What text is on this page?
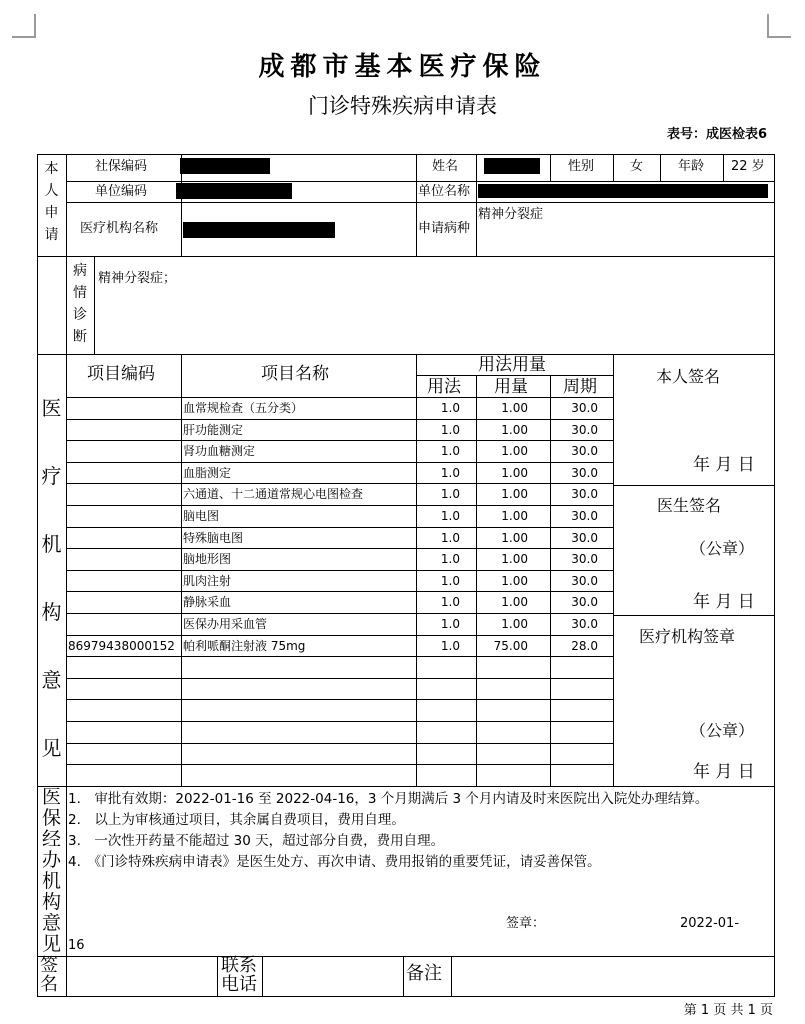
成都市基本医疗保险
门诊特殊疾病申请表
表号：成医检表6
本人申请
社保编码	姓名	性别	女	年龄 22 岁
单位编码	单位名称
医疗机构名称	申请病种
精神分裂症
病情诊断
精神分裂症；
医疗机构意见
项目编码	项目名称	用法用量
用法 用量 周期
血常规检查（五分类）	1.0	1.00	30.0
肝功能测定	1.0	1.00	30.0
肾功血糖测定	1.0	1.00	30.0
血脂测定	1.0	1.00	30.0
六通道、十二通道常规心电图检查	1.0	1.00	30.0
脑电图	1.0	1.00	30.0
特殊脑电图	1.0	1.00	30.0
脑地形图	1.0	1.00	30.0
肌肉注射	1.0	1.00	30.0
静脉采血	1.0	1.00	30.0
医保办用采血管	1.0	1.00	30.0
86979438000152 帕利哌酮注射液 75mg	1.0	75.00	28.0
本人签名
年 月 日
医生签名
（公章）
年 月 日
医疗机构签章
（公章）
年 月 日
医保经办机构意见
1.　审批有效期：2022-01-16 至 2022-04-16，3 个月期满后 3 个月内请及时来医院出入院处办理结算。
2.　以上为审核通过项目，其余属自费项目，费用自理。
3.　一次性开药量不能超过 30 天，超过部分自费，费用自理。
4.　《门诊特殊疾病申请表》是医生处方、再次申请、费用报销的重要凭证，请妥善保管。
签章：	2022-01-
16
签名
联系电话
备注
第 1 页 共 1 页
